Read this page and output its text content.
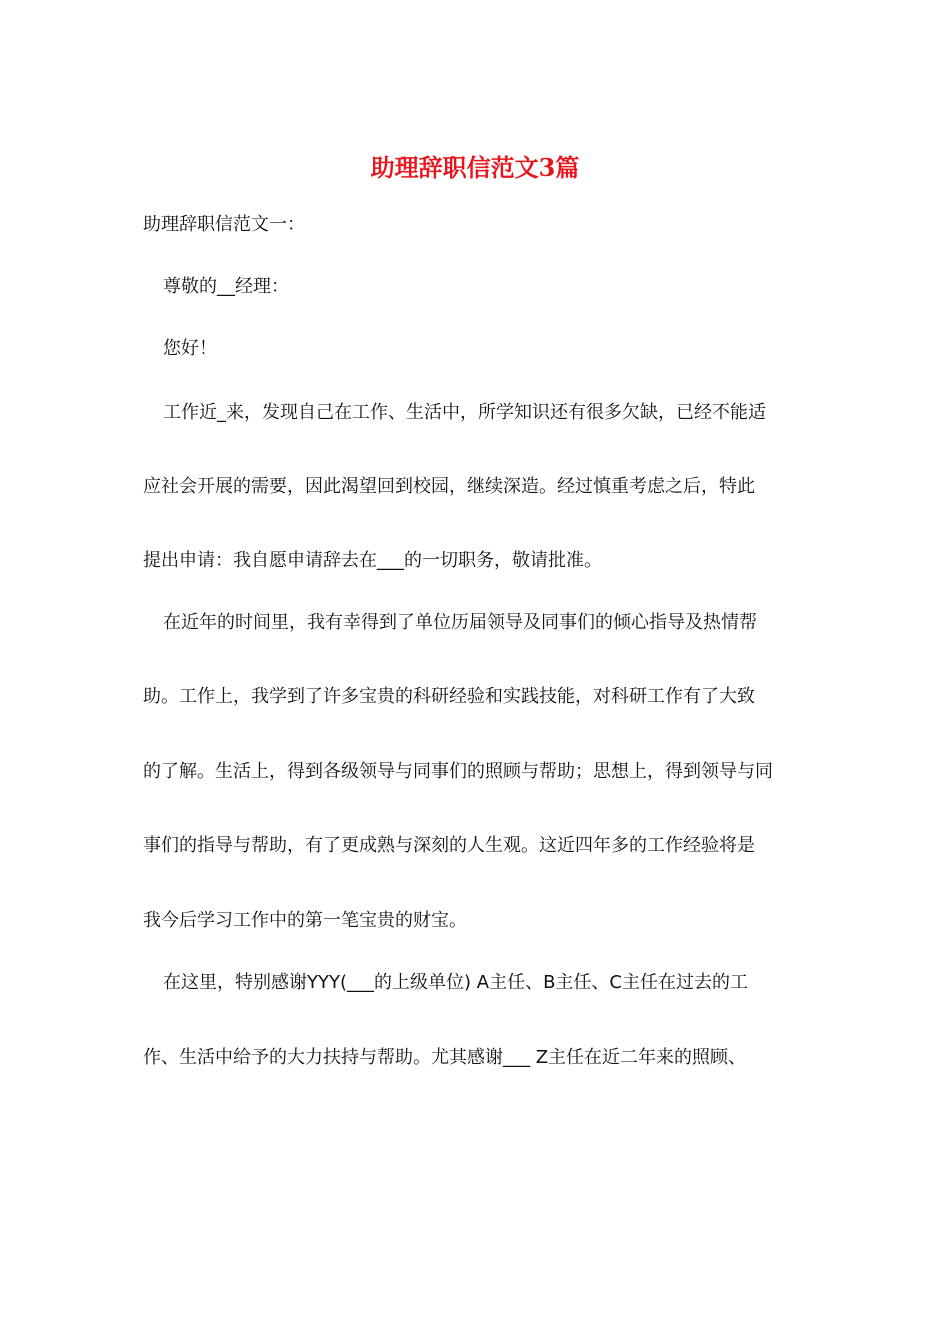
助理辞职信范文3篇

助理辞职信范文一：

尊敬的__经理：

您好！

工作近_来，发现自己在工作、生活中，所学知识还有很多欠缺，已经不能适

应社会开展的需要，因此渴望回到校园，继续深造。经过慎重考虑之后，特此

提出申请：我自愿申请辞去在___的一切职务，敬请批准。

在近年的时间里，我有幸得到了单位历届领导及同事们的倾心指导及热情帮

助。工作上，我学到了许多宝贵的科研经验和实践技能，对科研工作有了大致

的了解。生活上，得到各级领导与同事们的照顾与帮助；思想上，得到领导与同

事们的指导与帮助，有了更成熟与深刻的人生观。这近四年多的工作经验将是

我今后学习工作中的第一笔宝贵的财宝。

在这里，特别感谢YYY(___的上级单位) A主任、B主任、C主任在过去的工

作、生活中给予的大力扶持与帮助。尤其感谢___ Z主任在近二年来的照顾、
